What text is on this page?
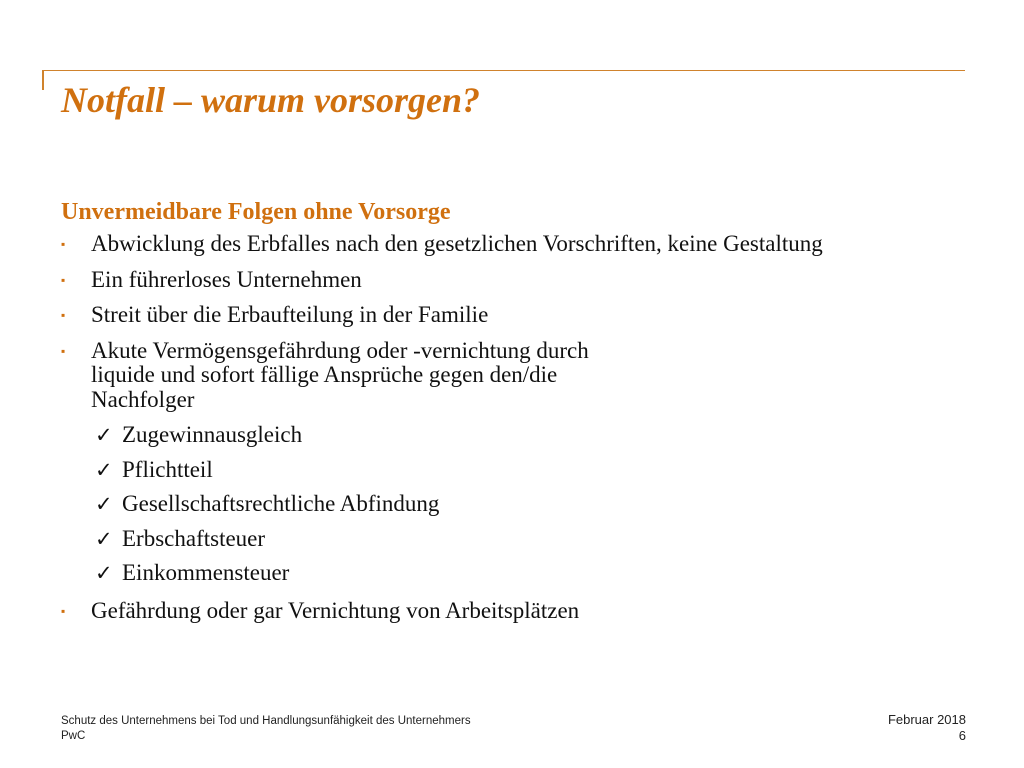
Notfall – warum vorsorgen?
Unvermeidbare Folgen ohne Vorsorge
▪	Abwicklung des Erbfalles nach den gesetzlichen Vorschriften, keine Gestaltung
▪	Ein führerloses Unternehmen
▪	Streit über die Erbaufteilung in der Familie
▪	Akute Vermögensgefährdung oder -vernichtung durch liquide und sofort fällige Ansprüche gegen den/die Nachfolger
✓ Zugewinnausgleich
✓ Pflichtteil
✓ Gesellschaftsrechtliche Abfindung
✓ Erbschaftsteuer
✓ Einkommensteuer
▪	Gefährdung oder gar Vernichtung von Arbeitsplätzen
Schutz des Unternehmens bei Tod und Handlungsunfähigkeit des Unternehmers
PwC
Februar 2018
6
